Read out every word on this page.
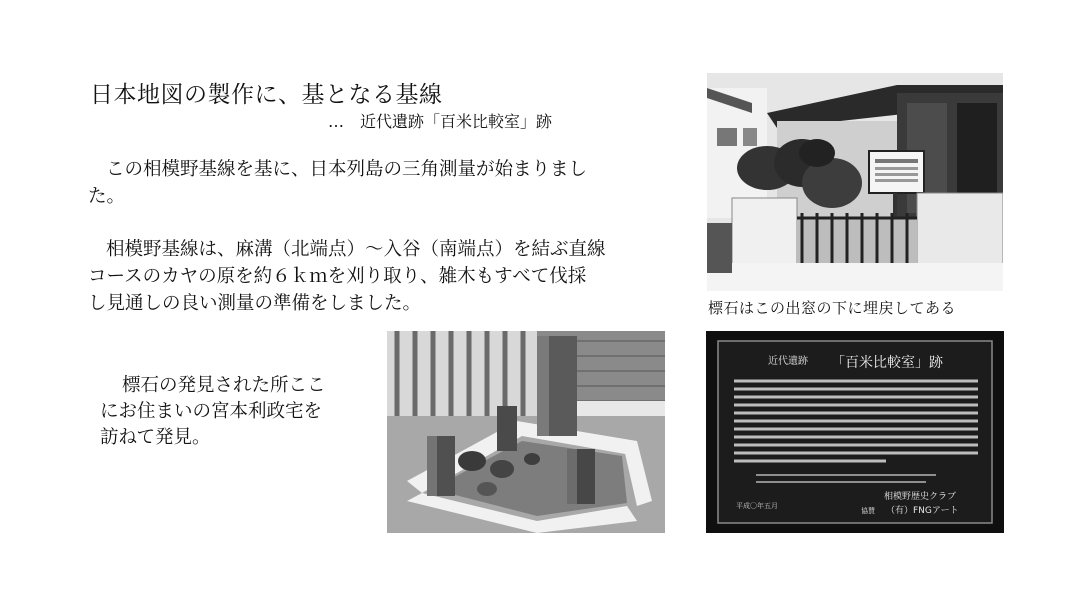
日本地図の製作に、基となる基線
…　近代遺跡「百米比較室」跡
この相模野基線を基に、日本列島の三角測量が始まりまし
た。
相模野基線は、麻溝（北端点）～入谷（南端点）を結ぶ直線
コースのカヤの原を約６ｋｍを刈り取り、雑木もすべて伐採
し見通しの良い測量の準備をしました。
標石の発見された所ここ
にお住まいの宮本利政宅を
訪ねて発見。
標石はこの出窓の下に埋戻してある
近代遺跡 「百米比較室」跡
平成〇年五月
相模野歴史クラブ
協賛 （有）FNGアート
